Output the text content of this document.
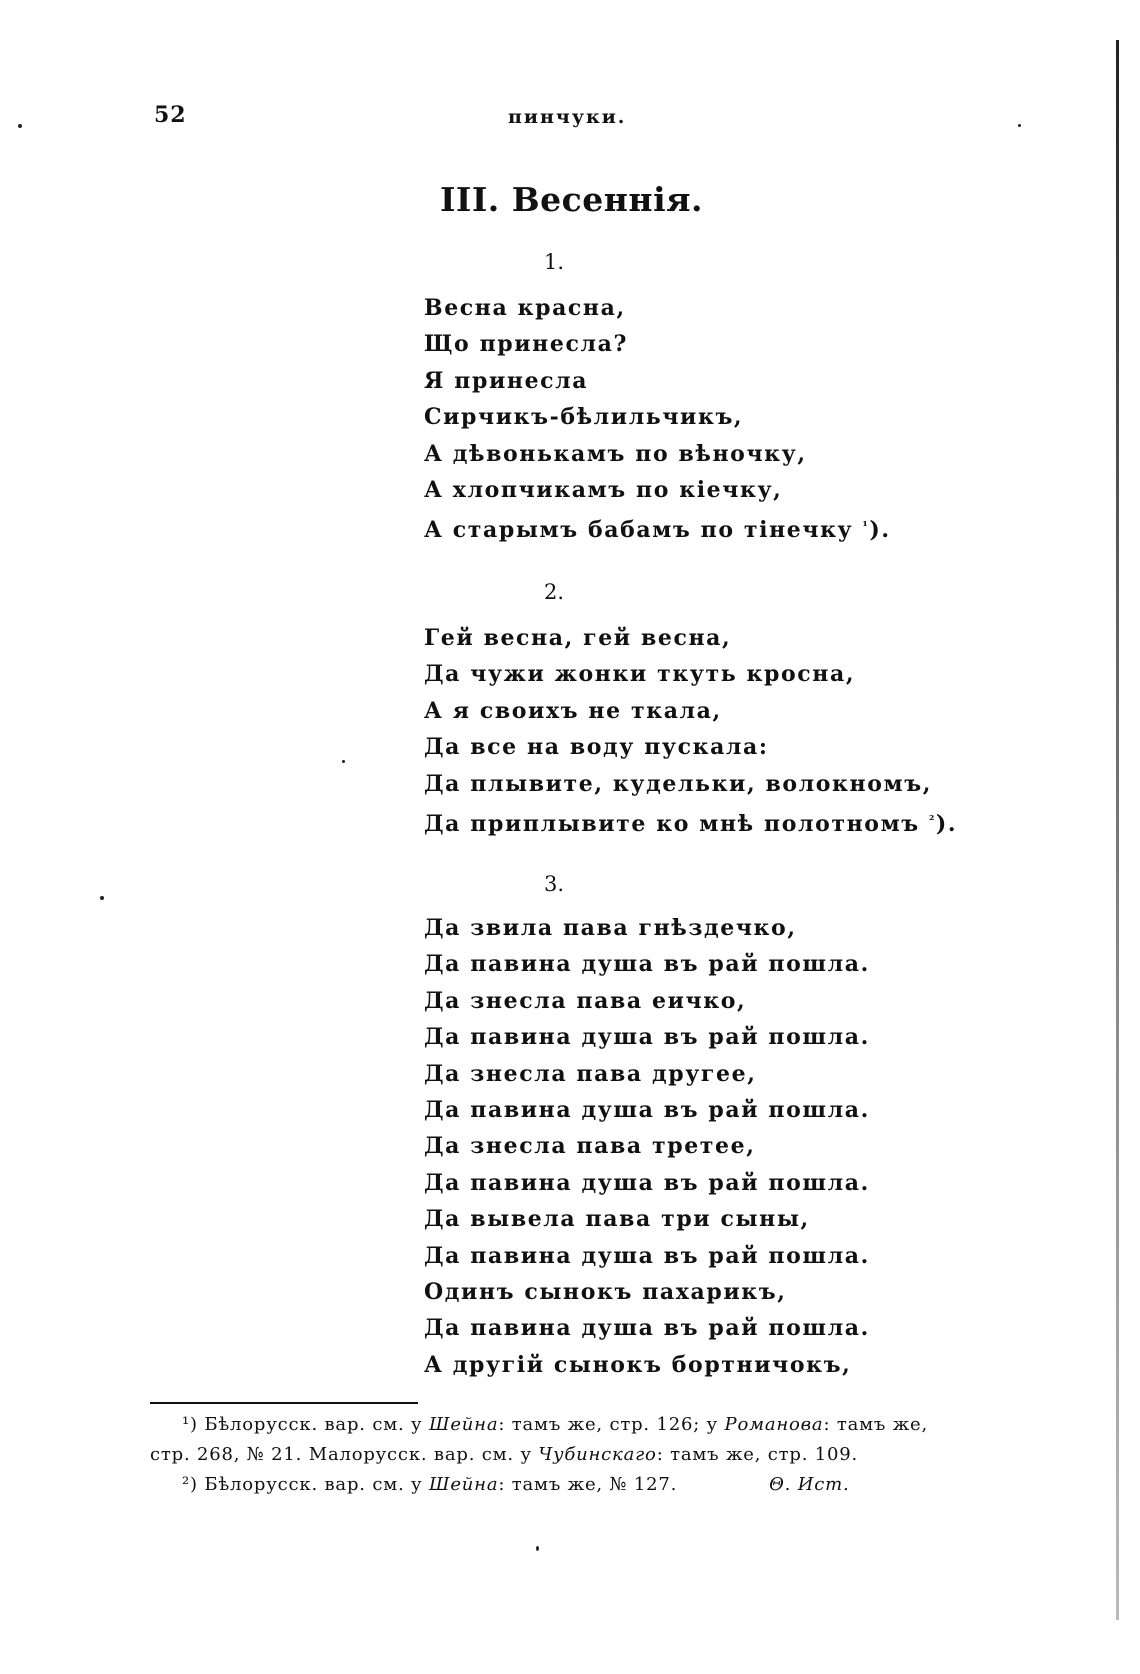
52	пинчуки.
III. Весеннія.
1.
Весна красна,
Що принесла?
Я принесла
Сирчикъ-бѣлильчикъ,
А дѣвонькамъ по вѣночку,
А хлопчикамъ по кіечку,
А старымъ бабамъ по тінечку $^{^1}$).
2.
Гей весна, гей весна,
Да чужи жонки ткуть кросна,
А я своихъ не ткала,
Да все на воду пускала:
Да плывите, кудельки, волокномъ,
Да приплывите ко мнѣ полотномъ $^{^2}$).
3.
Да звила пава гнѣздечко,
Да павина душа въ рай пошла.
Да знесла пава еичко,
Да павина душа въ рай пошла.
Да знесла пава другее,
Да павина душа въ рай пошла.
Да знесла пава третее,
Да павина душа въ рай пошла.
Да вывела пава три сыны,
Да павина душа въ рай пошла.
Одинъ сынокъ пахарикъ,
Да павина душа въ рай пошла.
А другій сынокъ бортничокъ,
¹) Бѣлорусск. вар. см. у Шейна: тамъ же, стр. 126; у Романова: тамъ же,
стр. 268, № 21. Малорусск. вар. см. у Чубинскаго: тамъ же, стр. 109.
²) Бѣлорусск. вар. см. у Шейна: тамъ же, № 127.	Θ. Ист.
